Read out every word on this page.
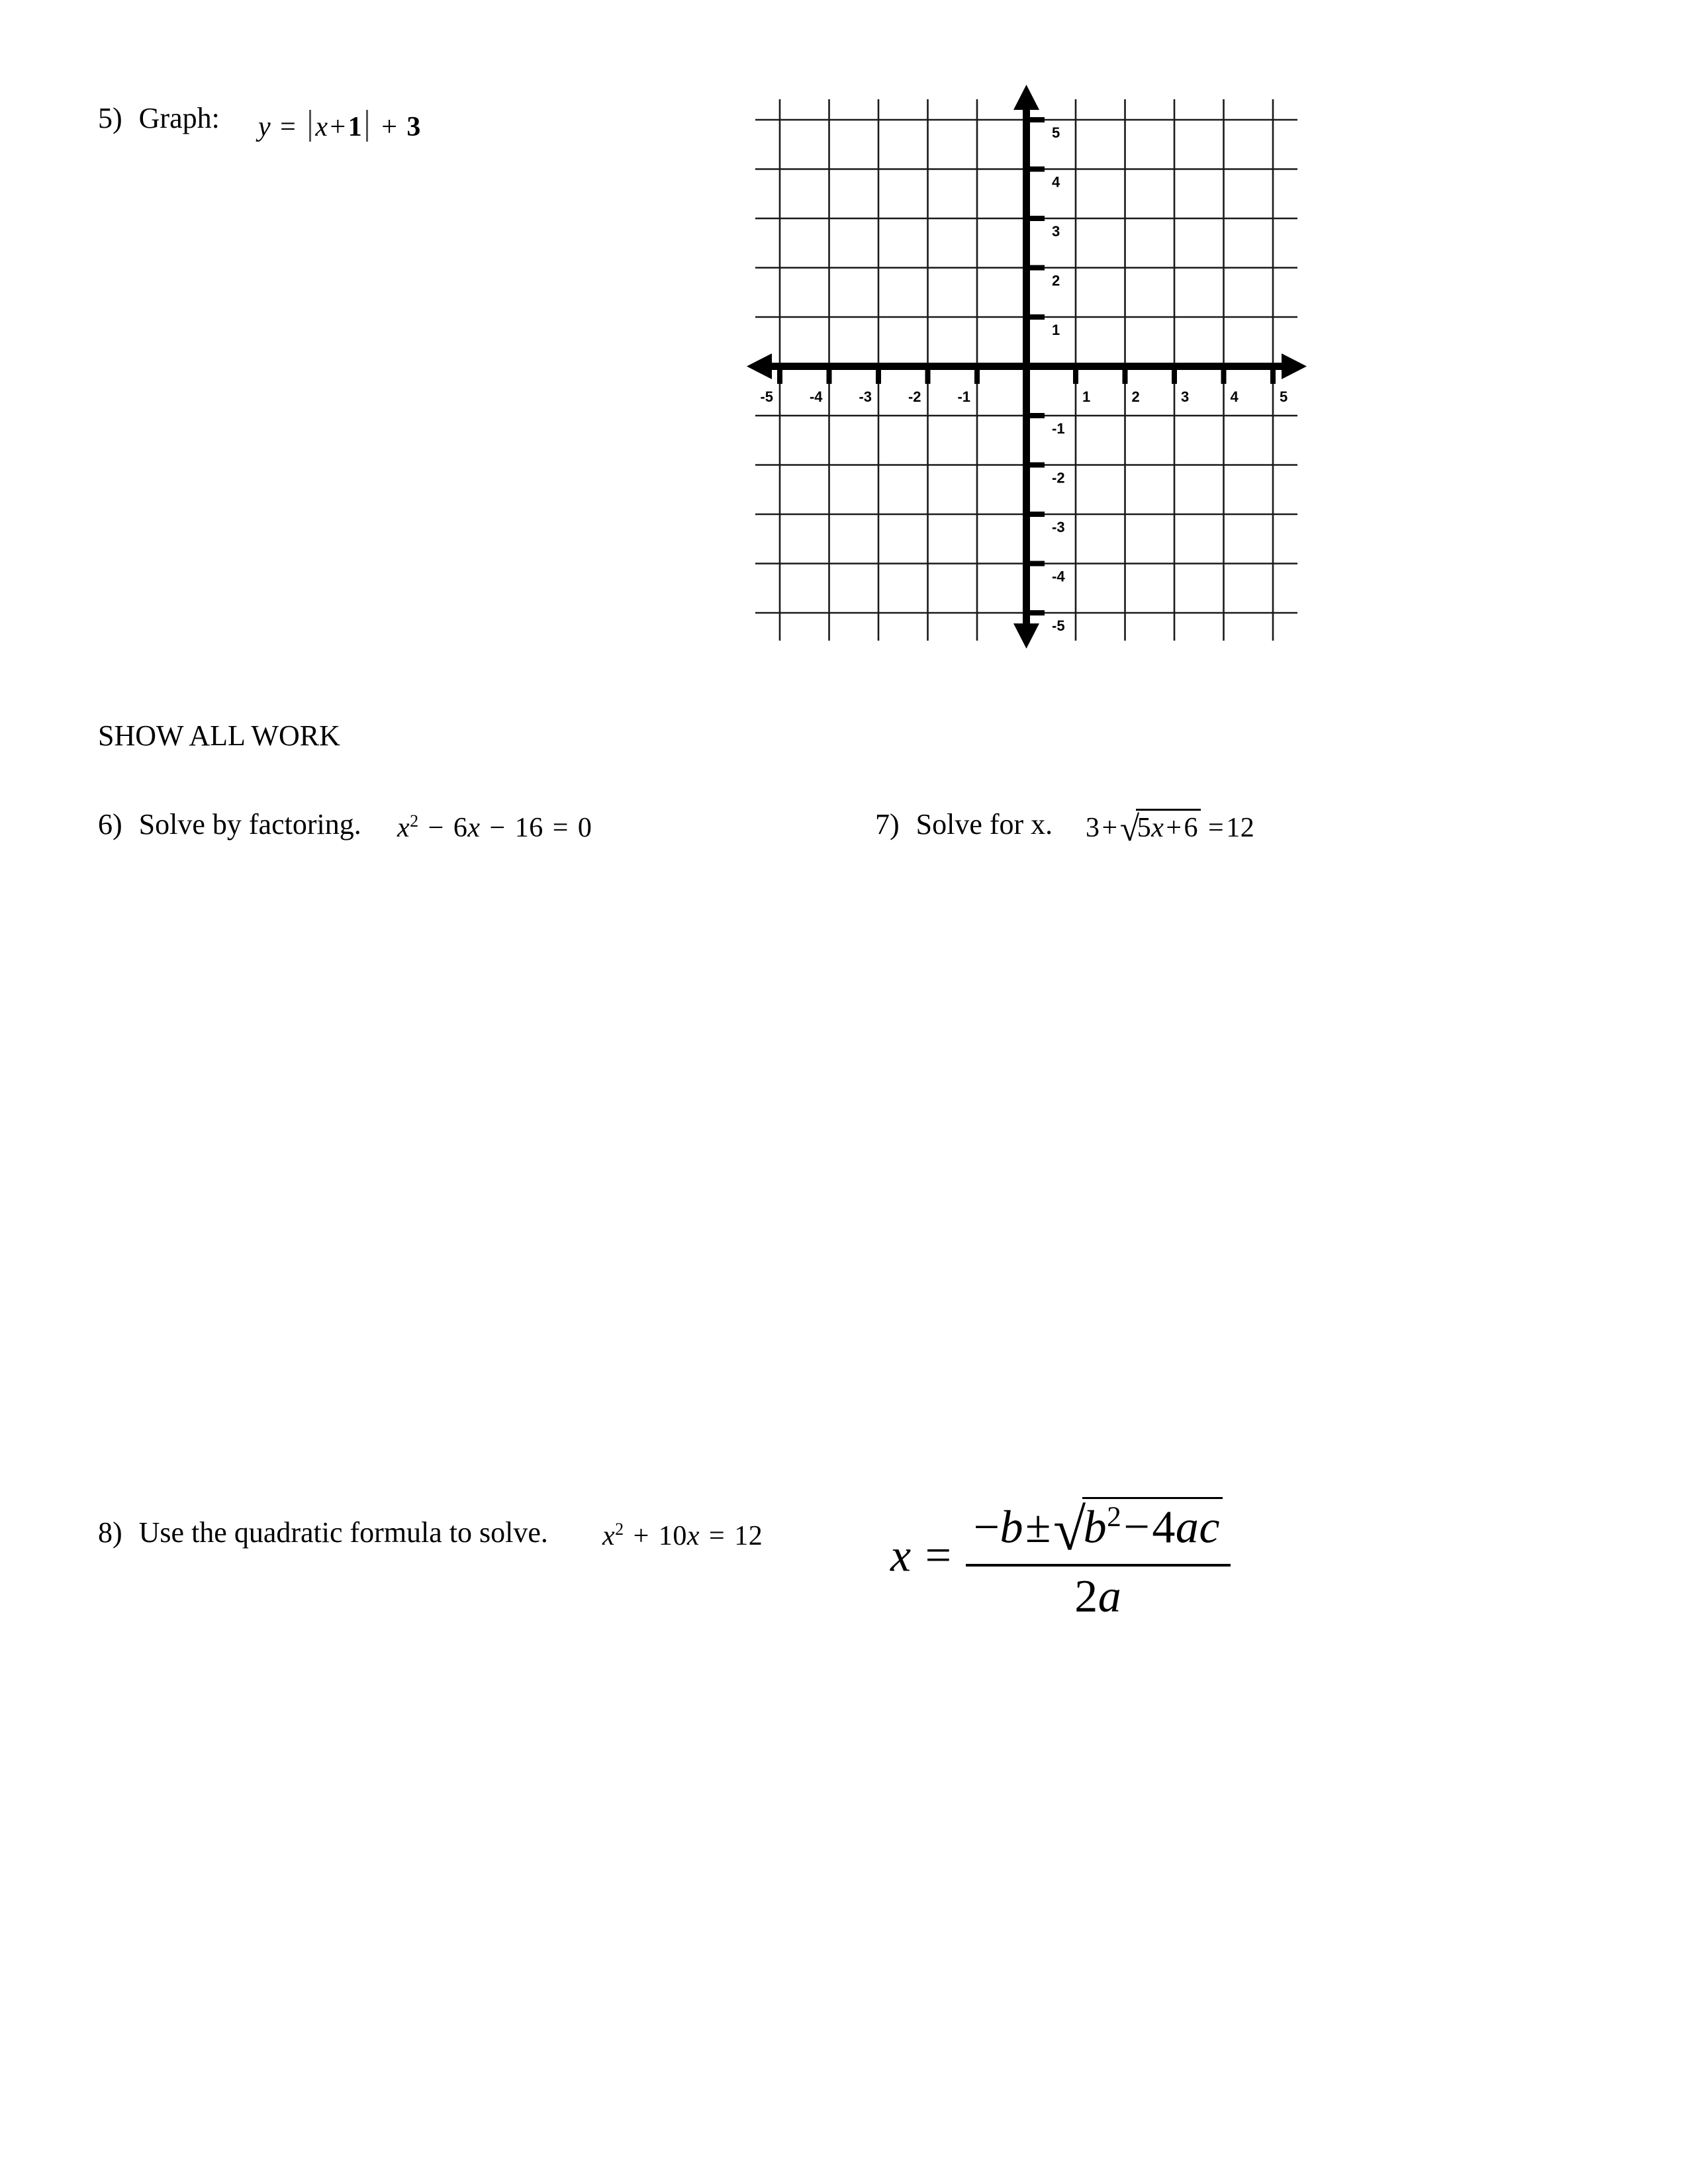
5) Graph: y = x+1 + 3
-5 -4 -3 -2 -1	1	2	3	4	5
5
4
3
2
1
-1
-2
-3
-4
-5
SHOW ALL WORK
6) Solve by factoring. $x^2 - 6x - 16 = 0$	7) Solve for x. 3+√5x+6 =12
8) Use the quadratic formula to solve. $x^2 + 10x = 12$	$x = \frac{-b\pm√b^2-4ac}{2a}$
